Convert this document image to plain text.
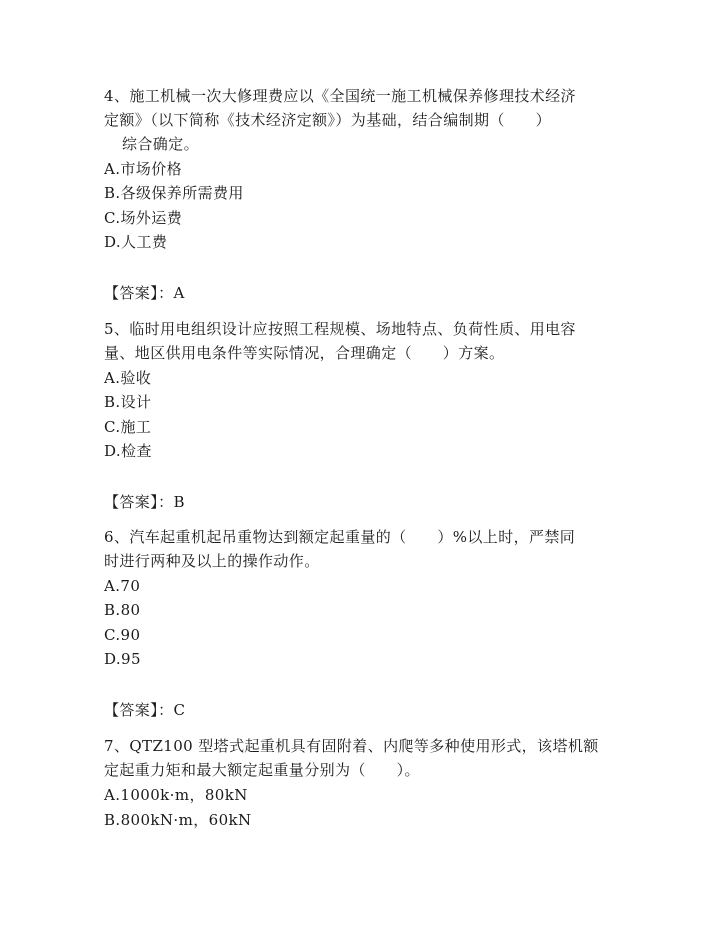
4、施工机械一次大修理费应以《全国统一施工机械保养修理技术经济
定额》（以下简称《技术经济定额》）为基础，结合编制期（　　）
综合确定。
A.市场价格
B.各级保养所需费用
C.场外运费
D.人工费
【答案】：A
5、临时用电组织设计应按照工程规模、场地特点、负荷性质、用电容
量、地区供用电条件等实际情况，合理确定（　　）方案。
A.验收
B.设计
C.施工
D.检查
【答案】：B
6、汽车起重机起吊重物达到额定起重量的（　　）%以上时，严禁同
时进行两种及以上的操作动作。
A.70
B.80
C.90
D.95
【答案】：C
7、QTZ100 型塔式起重机具有固附着、内爬等多种使用形式，该塔机额
定起重力矩和最大额定起重量分别为（　　）。
A.1000k·m，80kN
B.800kN·m，60kN
